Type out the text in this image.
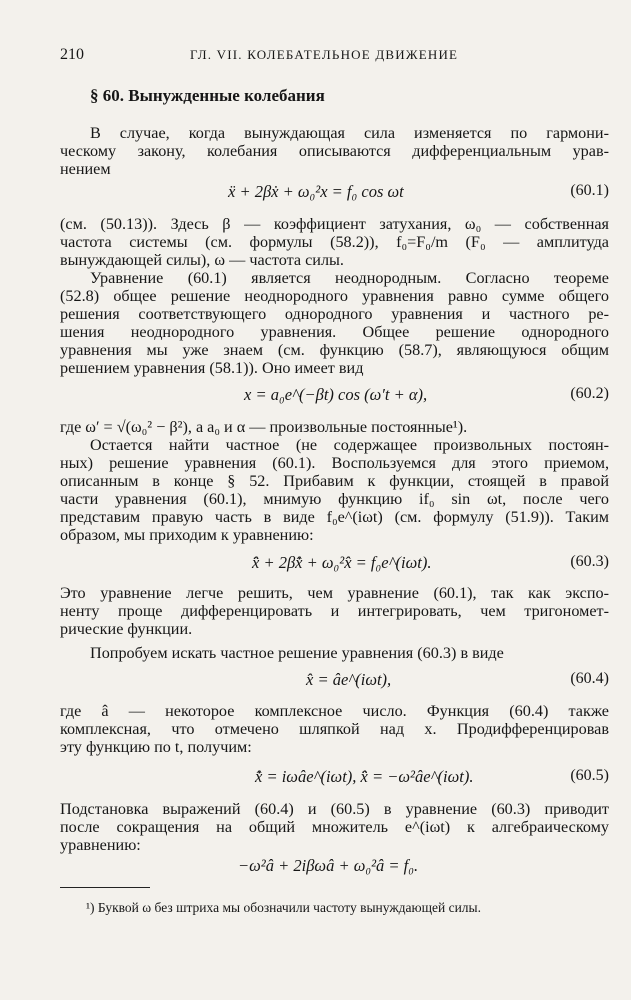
210	ГЛ. VII. КОЛЕБАТЕЛЬНОЕ ДВИЖЕНИЕ
§ 60. Вынужденные колебания
В случае, когда вынуждающая сила изменяется по гармони-
ческому закону, колебания описываются дифференциальным урав-
нением
ẍ + 2βẋ + ω₀²x = f₀ cos ωt	(60.1)
(см. (50.13)). Здесь β — коэффициент затухания, ω₀ — собственная
частота системы (см. формулы (58.2)), f₀=F₀/m (F₀ — амплитуда
вынуждающей силы), ω — частота силы.
Уравнение (60.1) является неоднородным. Согласно теореме
(52.8) общее решение неоднородного уравнения равно сумме общего
решения соответствующего однородного уравнения и частного ре-
шения неоднородного уравнения. Общее решение однородного
уравнения мы уже знаем (см. функцию (58.7), являющуюся общим
решением уравнения (58.1)). Оно имеет вид
x = a₀e^(−βt) cos (ω′t + α),	(60.2)
где ω′ = √(ω₀² − β²), а a₀ и α — произвольные постоянные¹).
Остается найти частное (не содержащее произвольных постоян-
ных) решение уравнения (60.1). Воспользуемся для этого приемом,
описанным в конце § 52. Прибавим к функции, стоящей в правой
части уравнения (60.1), мнимую функцию if₀ sin ωt, после чего
представим правую часть в виде f₀e^(iωt) (см. формулу (51.9)). Таким
образом, мы приходим к уравнению:
x̂̈ + 2βx̂̇ + ω₀²x̂ = f₀e^(iωt).	(60.3)
Это уравнение легче решить, чем уравнение (60.1), так как экспо-
ненту проще дифференцировать и интегрировать, чем тригономет-
рические функции.
Попробуем искать частное решение уравнения (60.3) в виде
x̂ = âe^(iωt),	(60.4)
где â — некоторое комплексное число. Функция (60.4) также
комплексная, что отмечено шляпкой над x. Продифференцировав
эту функцию по t, получим:
x̂̇ = iωâe^(iωt), x̂̈ = −ω²âe^(iωt).	(60.5)
Подстановка выражений (60.4) и (60.5) в уравнение (60.3) приводит
после сокращения на общий множитель e^(iωt) к алгебраическому
уравнению:
−ω²â + 2iβωâ + ω₀²â = f₀.
¹) Буквой ω без штриха мы обозначили частоту вынуждающей силы.
